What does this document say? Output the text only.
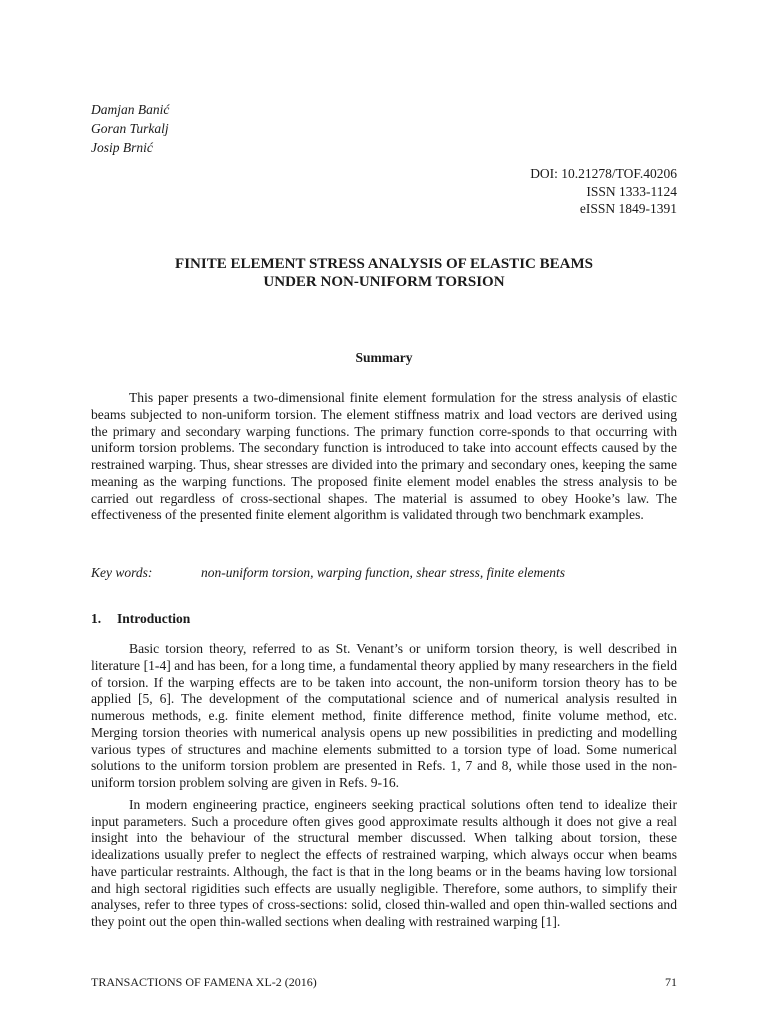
Damjan Banić
Goran Turkalj
Josip Brnić
DOI: 10.21278/TOF.40206
ISSN 1333-1124
eISSN 1849-1391
FINITE ELEMENT STRESS ANALYSIS OF ELASTIC BEAMS
UNDER NON-UNIFORM TORSION
Summary

This paper presents a two-dimensional finite element formulation for the stress analysis of elastic beams subjected to non-uniform torsion. The element stiffness matrix and load vectors are derived using the primary and secondary warping functions. The primary function corre-sponds to that occurring with uniform torsion problems. The secondary function is introduced to take into account effects caused by the restrained warping. Thus, shear stresses are divided into the primary and secondary ones, keeping the same meaning as the warping functions. The proposed finite element model enables the stress analysis to be carried out regardless of cross-sectional shapes. The material is assumed to obey Hooke’s law. The effectiveness of the presented finite element algorithm is validated through two benchmark examples.

Key words:	non-uniform torsion, warping function, shear stress, finite elements
1. Introduction

Basic torsion theory, referred to as St. Venant’s or uniform torsion theory, is well described in literature [1-4] and has been, for a long time, a fundamental theory applied by many researchers in the field of torsion. If the warping effects are to be taken into account, the non-uniform torsion theory has to be applied [5, 6]. The development of the computational science and of numerical analysis resulted in numerous methods, e.g. finite element method, finite difference method, finite volume method, etc. Merging torsion theories with numerical analysis opens up new possibilities in predicting and modelling various types of structures and machine elements submitted to a torsion type of load. Some numerical solutions to the uniform torsion problem are presented in Refs. 1, 7 and 8, while those used in the non-uniform torsion problem solving are given in Refs. 9-16.

In modern engineering practice, engineers seeking practical solutions often tend to idealize their input parameters. Such a procedure often gives good approximate results although it does not give a real insight into the behaviour of the structural member discussed. When talking about torsion, these idealizations usually prefer to neglect the effects of restrained warping, which always occur when beams have particular restraints. Although, the fact is that in the long beams or in the beams having low torsional and high sectoral rigidities such effects are usually negligible. Therefore, some authors, to simplify their analyses, refer to three types of cross-sections: solid, closed thin-walled and open thin-walled sections and they point out the open thin-walled sections when dealing with restrained warping [1].

TRANSACTIONS OF FAMENA XL-2 (2016)	71
